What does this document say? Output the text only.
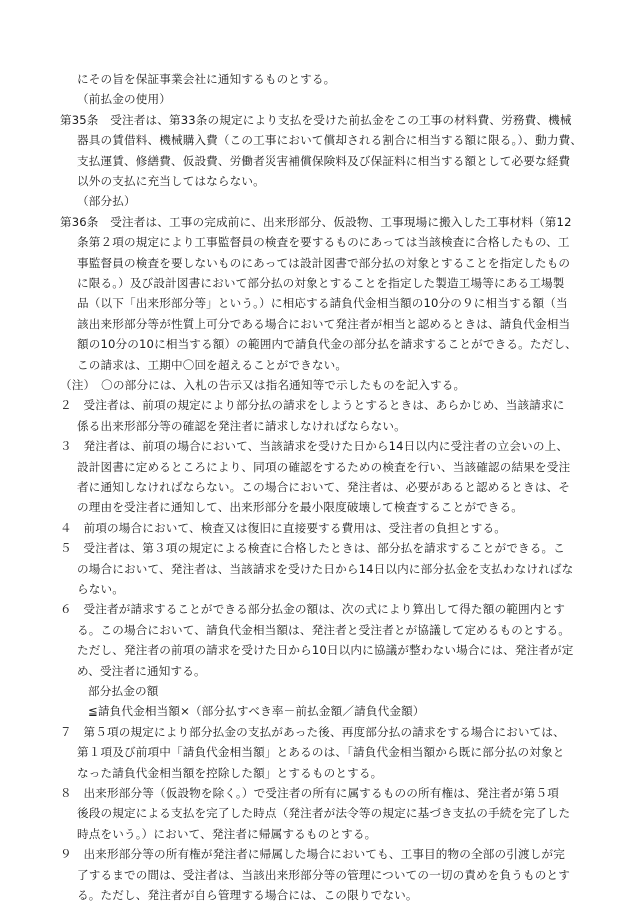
にその旨を保証事業会社に通知するものとする。
（前払金の使用）
第35条　受注者は、第33条の規定により支払を受けた前払金をこの工事の材料費、労務費、機械
器具の賃借料、機械購入費（この工事において償却される割合に相当する額に限る。）、動力費、
支払運賃、修繕費、仮設費、労働者災害補償保険料及び保証料に相当する額として必要な経費
以外の支払に充当してはならない。
（部分払）
第36条　受注者は、工事の完成前に、出来形部分、仮設物、工事現場に搬入した工事材料（第12
条第２項の規定により工事監督員の検査を要するものにあっては当該検査に合格したもの、工
事監督員の検査を要しないものにあっては設計図書で部分払の対象とすることを指定したもの
に限る。）及び設計図書において部分払の対象とすることを指定した製造工場等にある工場製
品（以下「出来形部分等」という。）に相応する請負代金相当額の10分の９に相当する額（当
該出来形部分等が性質上可分である場合において発注者が相当と認めるときは、請負代金相当
額の10分の10に相当する額）の範囲内で請負代金の部分払を請求することができる。ただし、
この請求は、工期中〇回を超えることができない。
（注）　〇の部分には、入札の告示又は指名通知等で示したものを記入する。
２　受注者は、前項の規定により部分払の請求をしようとするときは、あらかじめ、当該請求に
係る出来形部分等の確認を発注者に請求しなければならない。
３　発注者は、前項の場合において、当該請求を受けた日から14日以内に受注者の立会いの上、
設計図書に定めるところにより、同項の確認をするための検査を行い、当該確認の結果を受注
者に通知しなければならない。この場合において、発注者は、必要があると認めるときは、そ
の理由を受注者に通知して、出来形部分を最小限度破壊して検査することができる。
４　前項の場合において、検査又は復旧に直接要する費用は、受注者の負担とする。
５　受注者は、第３項の規定による検査に合格したときは、部分払を請求することができる。こ
の場合において、発注者は、当該請求を受けた日から14日以内に部分払金を支払わなければな
らない。
６　受注者が請求することができる部分払金の額は、次の式により算出して得た額の範囲内とす
る。この場合において、請負代金相当額は、発注者と受注者とが協議して定めるものとする。
ただし、発注者の前項の請求を受けた日から10日以内に協議が整わない場合には、発注者が定
め、受注者に通知する。
部分払金の額
≦請負代金相当額×（部分払すべき率－前払金額／請負代金額）
７　第５項の規定により部分払金の支払があった後、再度部分払の請求をする場合においては、
第１項及び前項中「請負代金相当額」とあるのは、「請負代金相当額から既に部分払の対象と
なった請負代金相当額を控除した額」とするものとする。
８　出来形部分等（仮設物を除く。）で受注者の所有に属するものの所有権は、発注者が第５項
後段の規定による支払を完了した時点（発注者が法令等の規定に基づき支払の手続を完了した
時点をいう。）において、発注者に帰属するものとする。
９　出来形部分等の所有権が発注者に帰属した場合においても、工事目的物の全部の引渡しが完
了するまでの間は、受注者は、当該出来形部分等の管理についての一切の責めを負うものとす
る。ただし、発注者が自ら管理する場合には、この限りでない。
